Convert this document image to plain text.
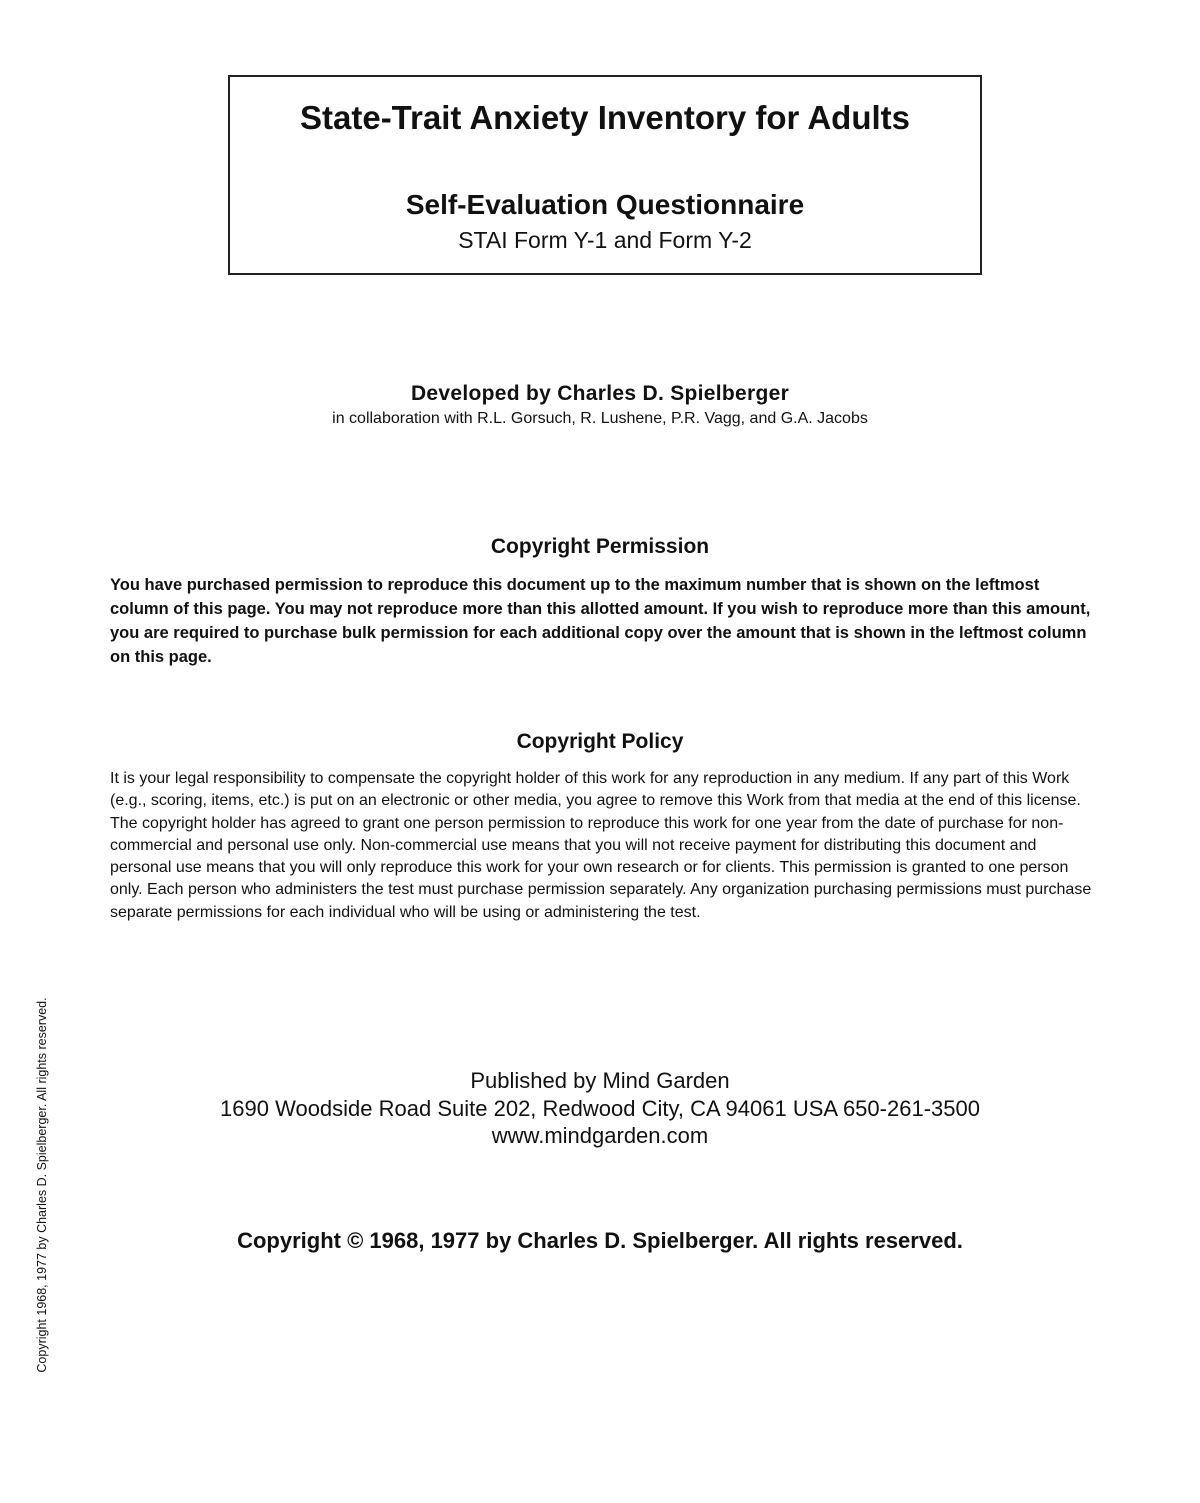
State-Trait Anxiety Inventory for Adults
Self-Evaluation Questionnaire
STAI Form Y-1 and Form Y-2
Developed by Charles D. Spielberger
in collaboration with R.L. Gorsuch, R. Lushene, P.R. Vagg, and G.A. Jacobs
Copyright Permission

You have purchased permission to reproduce this document up to the maximum number that is shown on the leftmost column of this page. You may not reproduce more than this allotted amount. If you wish to reproduce more than this amount, you are required to purchase bulk permission for each additional copy over the amount that is shown in the leftmost column on this page.

Copyright Policy

It is your legal responsibility to compensate the copyright holder of this work for any reproduction in any medium. If any part of this Work (e.g., scoring, items, etc.) is put on an electronic or other media, you agree to remove this Work from that media at the end of this license. The copyright holder has agreed to grant one person permission to reproduce this work for one year from the date of purchase for non-commercial and personal use only. Non-commercial use means that you will not receive payment for distributing this document and personal use means that you will only reproduce this work for your own research or for clients. This permission is granted to one person only. Each person who administers the test must purchase permission separately. Any organization purchasing permissions must purchase separate permissions for each individual who will be using or administering the test.

Published by Mind Garden
1690 Woodside Road Suite 202, Redwood City, CA 94061 USA 650-261-3500
www.mindgarden.com
Copyright © 1968, 1977 by Charles D. Spielberger. All rights reserved.

Copyright 1968, 1977 by Charles D. Spielberger. All rights reserved.
